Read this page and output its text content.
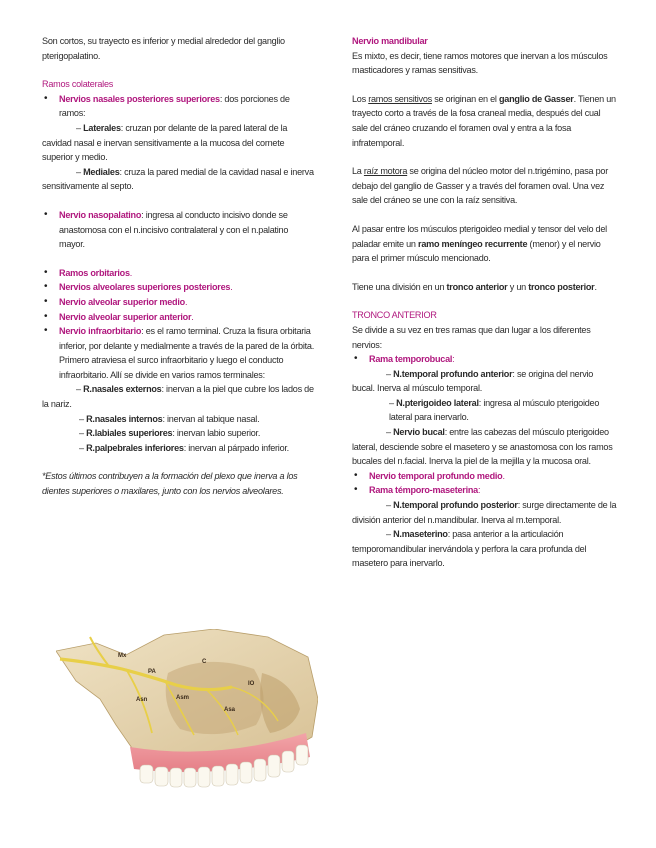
Son cortos, su trayecto es inferior y medial alrededor del ganglio pterigopalatino.

Ramos colaterales

• Nervios nasales posteriores superiores: dos porciones de ramos:

– Laterales: cruzan por delante de la pared lateral de la cavidad nasal e inervan sensitivamente a la mucosa del cornete superior y medio.

– Mediales: cruza la pared medial de la cavidad nasal e inerva sensitivamente al septo.

• Nervio nasopalatino: ingresa al conducto incisivo donde se anastomosa con el n.incisivo contralateral y con el n.palatino mayor.

• Ramos orbitarios.

• Nervios alveolares superiores posteriores.

• Nervio alveolar superior medio.

• Nervio alveolar superior anterior.

• Nervio infraorbitario: es el ramo terminal. Cruza la fisura orbitaria inferior, por delante y medialmente a través de la pared de la órbita. Primero atraviesa el surco infraorbitario y luego el conducto infraorbitario. Allí se divide en varios ramos terminales:

– R.nasales externos: inervan a la piel que cubre los lados de la nariz.

– R.nasales internos: inervan al tabique nasal.

– R.labiales superiores: inervan labio superior.

– R.palpebrales inferiores: inervan al párpado inferior.

*Estos últimos contribuyen a la formación del plexo que inerva a los dientes superiores o maxilares, junto con los nervios alveolares.

Mx
PA
C
Asn	Asm
IO
Asa

Nervio mandibular

Es mixto, es decir, tiene ramos motores que inervan a los músculos masticadores y ramas sensitivas.

Los ramos sensitivos se originan en el ganglio de Gasser. Tienen un trayecto corto a través de la fosa craneal media, después del cual sale del cráneo cruzando el foramen oval y entra a la fosa infratemporal.

La raíz motora se origina del núcleo motor del n.trigémino, pasa por debajo del ganglio de Gasser y a través del foramen oval. Una vez sale del cráneo se une con la raíz sensitiva.

Al pasar entre los músculos pterigoideo medial y tensor del velo del paladar emite un ramo meníngeo recurrente (menor) y el nervio para el primer músculo mencionado.

Tiene una división en un tronco anterior y un tronco posterior.

TRONCO ANTERIOR

Se divide a su vez en tres ramas que dan lugar a los diferentes nervios:

• Rama temporobucal:

– N.temporal profundo anterior: se origina del nervio bucal. Inerva al músculo temporal.

– N.pterigoideo lateral: ingresa al músculo pterigoideo lateral para inervarlo.

– Nervio bucal: entre las cabezas del músculo pterigoideo lateral, desciende sobre el masetero y se anastomosa con los ramos bucales del n.facial. Inerva la piel de la mejilla y la mucosa oral.

• Nervio temporal profundo medio.

• Rama témporo-maseterina:

– N.temporal profundo posterior: surge directamente de la división anterior del n.mandibular. Inerva al m.temporal.

– N.maseterino: pasa anterior a la articulación temporomandibular inervándola y perfora la cara profunda del masetero para inervarlo.
